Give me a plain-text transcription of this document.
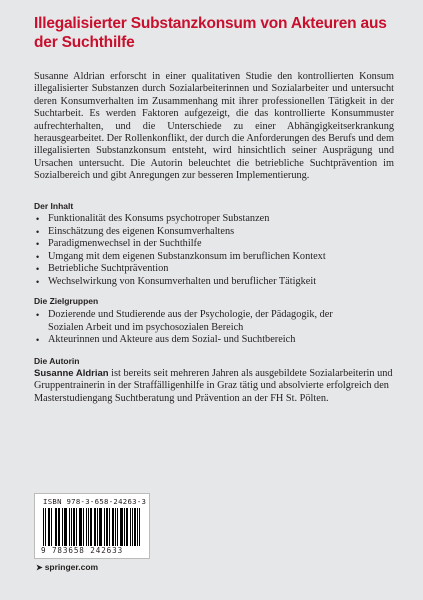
Illegalisierter Substanzkonsum von Akteuren aus der Suchthilfe
Susanne Aldrian erforscht in einer qualitativen Studie den kontrollierten Konsum illegalisierter Substanzen durch Sozialarbeiterinnen und Sozialarbeiter und untersucht deren Konsumverhalten im Zusammenhang mit ihrer professionellen Tätigkeit in der Suchtarbeit. Es werden Faktoren aufgezeigt, die das kontrollierte Konsummuster aufrechterhalten, und die Unterschiede zu einer Abhängigkeitserkrankung herausgearbeitet. Der Rollenkonflikt, der durch die Anforderungen des Berufs und dem illegalisierten Substanzkonsum entsteht, wird hinsichtlich seiner Ausprägung und Ursachen untersucht. Die Autorin beleuchtet die betriebliche Suchtprävention im Sozialbereich und gibt Anregungen zur besseren Implementierung.
Der Inhalt
• Funktionalität des Konsums psychotroper Substanzen
• Einschätzung des eigenen Konsumverhaltens
• Paradigmenwechsel in der Suchthilfe
• Umgang mit dem eigenen Substanzkonsum im beruflichen Kontext
• Betriebliche Suchtprävention
• Wechselwirkung von Konsumverhalten und beruflicher Tätigkeit
Die Zielgruppen
• Dozierende und Studierende aus der Psychologie, der Pädagogik, der Sozialen Arbeit und im psychosozialen Bereich
• Akteurinnen und Akteure aus dem Sozial- und Suchtbereich
Die Autorin
Susanne Aldrian ist bereits seit mehreren Jahren als ausgebildete Sozialarbeiterin und Gruppentrainerin in der Straffälligenhilfe in Graz tätig und absolvierte erfolgreich den Masterstudiengang Suchtberatung und Prävention an der FH St. Pölten.
ISBN 978-3-658-24263-3
9 783658 242633
➤ springer.com
